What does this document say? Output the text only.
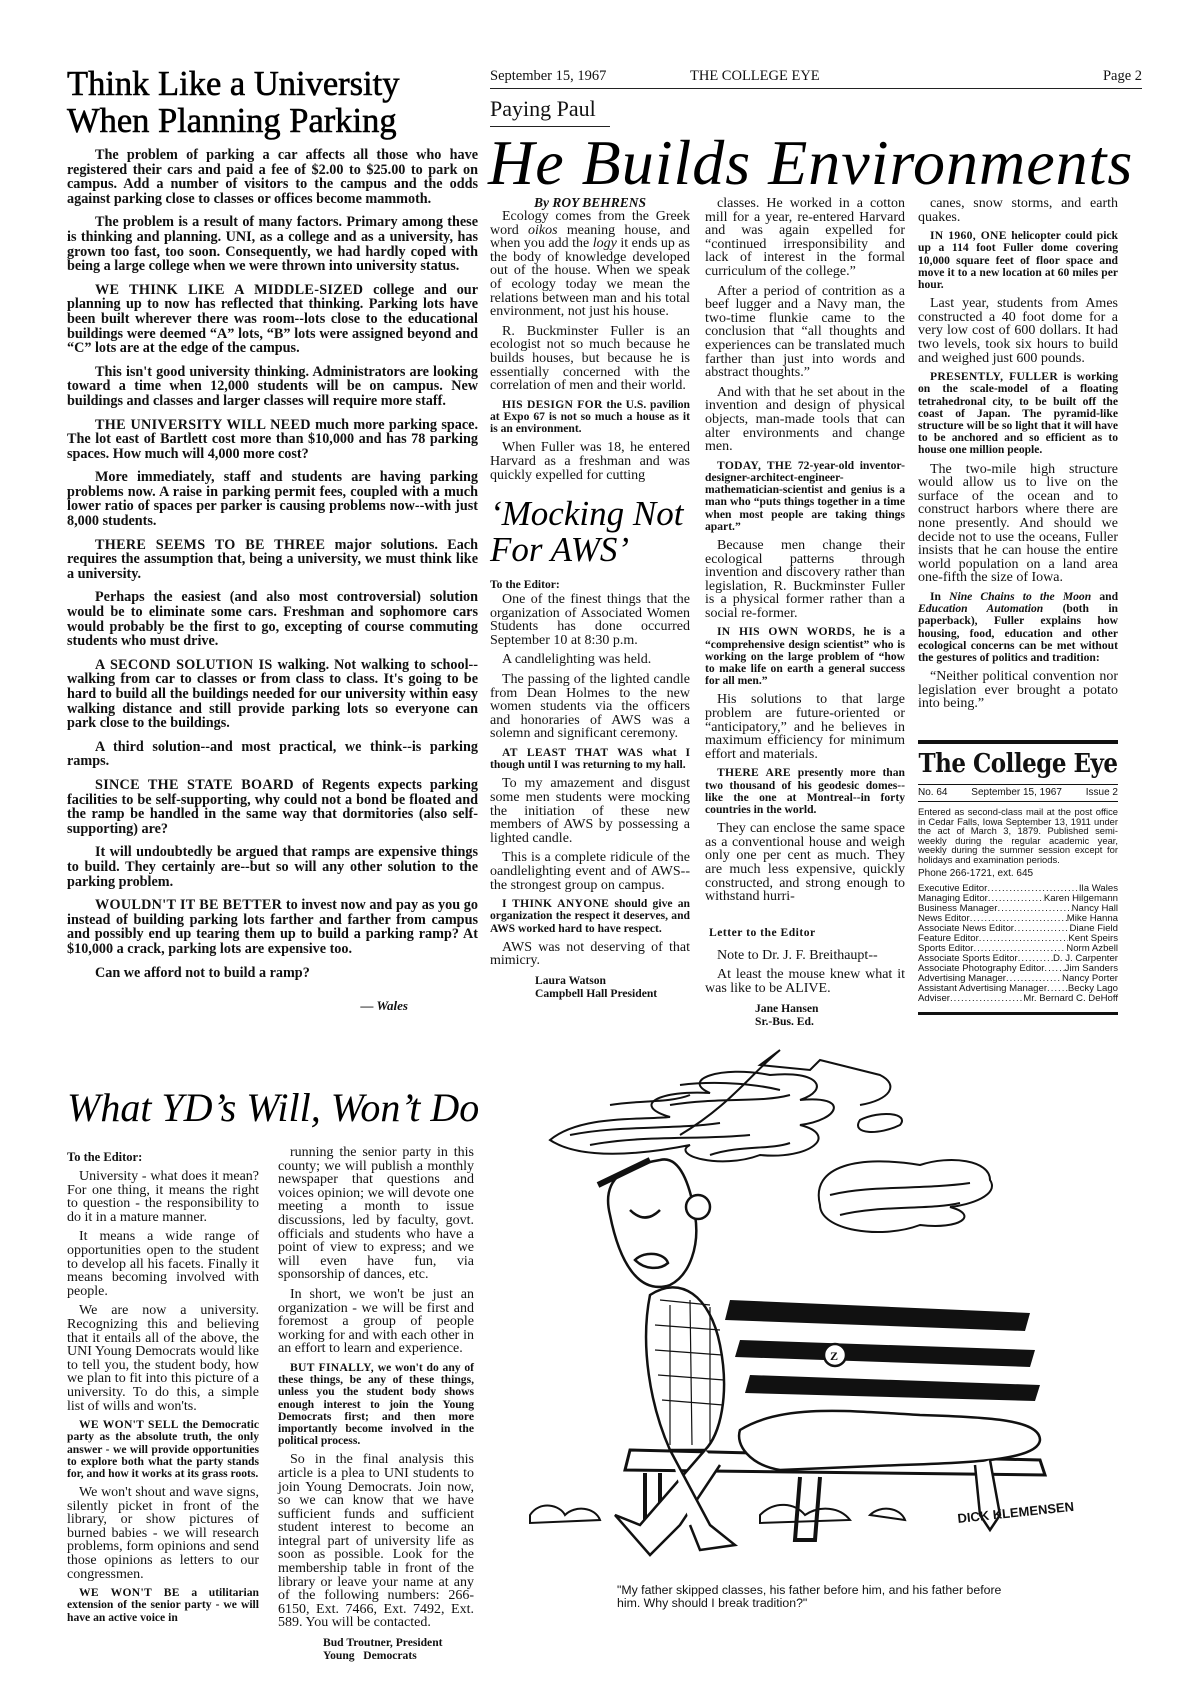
September 15, 1967	THE COLLEGE EYE	Page 2
Think Like a University
When Planning Parking

The problem of parking a car affects all those who have registered their cars and paid a fee of $2.00 to $25.00 to park on campus. Add a number of visitors to the campus and the odds against parking close to classes or offices become mammoth.

The problem is a result of many factors. Primary among these is thinking and planning. UNI, as a college and as a university, has grown too fast, too soon. Consequently, we had hardly coped with being a large college when we were thrown into university status.

WE THINK LIKE A MIDDLE-SIZED college and our planning up to now has reflected that thinking. Parking lots have been built wherever there was room--lots close to the educational buildings were deemed “A” lots, “B” lots were assigned beyond and “C” lots are at the edge of the campus.

This isn't good university thinking. Administrators are looking toward a time when 12,000 students will be on campus. New buildings and classes and larger classes will require more staff.

THE UNIVERSITY WILL NEED much more parking space. The lot east of Bartlett cost more than $10,000 and has 78 parking spaces. How much will 4,000 more cost?

More immediately, staff and students are having parking problems now. A raise in parking permit fees, coupled with a much lower ratio of spaces per parker is causing problems now--with just 8,000 students.

THERE SEEMS TO BE THREE major solutions. Each requires the assumption that, being a university, we must think like a university.

Perhaps the easiest (and also most controversial) solution would be to eliminate some cars. Freshman and sophomore cars would probably be the first to go, excepting of course commuting students who must drive.

A SECOND SOLUTION IS walking. Not walking to school--walking from car to classes or from class to class. It's going to be hard to build all the buildings needed for our university within easy walking distance and still provide parking lots so everyone can park close to the buildings.

A third solution--and most practical, we think--is parking ramps.

SINCE THE STATE BOARD of Regents expects parking facilities to be self-supporting, why could not a bond be floated and the ramp be handled in the same way that dormitories (also self-supporting) are?

It will undoubtedly be argued that ramps are expensive things to build. They certainly are--but so will any other solution to the parking problem.

WOULDN'T IT BE BETTER to invest now and pay as you go instead of building parking lots farther and farther from campus and possibly end up tearing them up to build a parking ramp? At $10,000 a crack, parking lots are expensive too.

Can we afford not to build a ramp?

— Wales
Paying Paul
He Builds Environments
By ROY BEHRENS

Ecology comes from the Greek word oikos meaning house, and when you add the logy it ends up as the body of knowledge developed out of the house. When we speak of ecology today we mean the relations between man and his total environment, not just his house.

R. Buckminster Fuller is an ecologist not so much because he builds houses, but because he is essentially concerned with the correlation of men and their world.

HIS DESIGN FOR the U.S. pavilion at Expo 67 is not so much a house as it is an environment.

When Fuller was 18, he entered Harvard as a freshman and was quickly expelled for cutting

‘Mocking Not For AWS’
To the Editor:

One of the finest things that the organization of Associated Women Students has done occurred September 10 at 8:30 p.m.

A candlelighting was held.

The passing of the lighted candle from Dean Holmes to the new women students via the officers and honoraries of AWS was a solemn and significant ceremony.

AT LEAST THAT WAS what I though until I was returning to my hall.

To my amazement and disgust some men students were mocking the initiation of these new members of AWS by possessing a lighted candle.

This is a complete ridicule of the oandlelighting event and of AWS--the strongest group on campus.

I THINK ANYONE should give an organization the respect it deserves, and AWS worked hard to have respect.

AWS was not deserving of that mimicry.

Laura Watson
Campbell Hall President

classes. He worked in a cotton mill for a year, re-entered Harvard and was again expelled for “continued irresponsibility and lack of interest in the formal curriculum of the college.”

After a period of contrition as a beef lugger and a Navy man, the two-time flunkie came to the conclusion that “all thoughts and experiences can be translated much farther than just into words and abstract thoughts.”

And with that he set about in the invention and design of physical objects, man-made tools that can alter environments and change men.

TODAY, THE 72-year-old inventor-designer-architect-engineer-mathematician-scientist and genius is a man who “puts things together in a time when most people are taking things apart.”

Because men change their ecological patterns through invention and discovery rather than legislation, R. Buckminster Fuller is a physical former rather than a social re-former.

IN HIS OWN WORDS, he is a “comprehensive design scientist” who is working on the large problem of “how to make life on earth a general success for all men.”

His solutions to that large problem are future-oriented or “anticipatory,” and he believes in maximum efficiency for minimum effort and materials.

THERE ARE presently more than two thousand of his geodesic domes--like the one at Montreal--in forty countries in the world.

They can enclose the same space as a conventional house and weigh only one per cent as much. They are much less expensive, quickly constructed, and strong enough to withstand hurri-

Letter to the Editor

Note to Dr. J. F. Breithaupt--

At least the mouse knew what it was like to be ALIVE.

Jane Hansen
Sr.-Bus. Ed.

canes, snow storms, and earth quakes.

IN 1960, ONE helicopter could pick up a 114 foot Fuller dome covering 10,000 square feet of floor space and move it to a new location at 60 miles per hour.

Last year, students from Ames constructed a 40 foot dome for a very low cost of 600 dollars. It had two levels, took six hours to build and weighed just 600 pounds.

PRESENTLY, FULLER is working on the scale-model of a floating tetrahedronal city, to be built off the coast of Japan. The pyramid-like structure will be so light that it will have to be anchored and so efficient as to house one million people.

The two-mile high structure would allow us to live on the surface of the ocean and to construct harbors where there are none presently. And should we decide not to use the oceans, Fuller insists that he can house the entire world population on a land area one-fifth the size of Iowa.

In Nine Chains to the Moon and Education Automation (both in paperback), Fuller explains how housing, food, education and other ecological concerns can be met without the gestures of politics and tradition:

“Neither political convention nor legislation ever brought a potato into being.”

The College Eye
No. 64 September 15, 1967 Issue 2
Entered as second-class mail at the post office in Cedar Falls, Iowa September 13, 1911 under the act of March 3, 1879. Published semi-weekly during the regular academic year, weekly during the summer session except for holidays and examination periods.
Phone 266-1721, ext. 645
Executive Editor .....	Ila Wales
Managing Editor .....	Karen Hilgemann
Business Manager .....	Nancy Hall
News Editor .....	Mike Hanna
Associate News Editor .....	Diane Field
Feature Editor .....	Kent Speirs
Sports Editor .....	Norm Azbell
Associate Sports Editor .....	D. J. Carpenter
Associate Photography Editor ..... Jim Sanders
Advertising Manager .....	Nancy Porter
Assistant Advertising Manager ..... Becky Lago
Adviser .....	Mr. Bernard C. DeHoff
What YD’s Will, Won’t Do
To the Editor:

University - what does it mean? For one thing, it means the right to question - the responsibility to do it in a mature manner.

It means a wide range of opportunities open to the student to develop all his facets. Finally it means becoming involved with people.

We are now a university. Recognizing this and believing that it entails all of the above, the UNI Young Democrats would like to tell you, the student body, how we plan to fit into this picture of a university. To do this, a simple list of wills and won'ts.

WE WON'T SELL the Democratic party as the absolute truth, the only answer - we will provide opportunities to explore both what the party stands for, and how it works at its grass roots.

We won't shout and wave signs, silently picket in front of the library, or show pictures of burned babies - we will research problems, form opinions and send those opinions as letters to our congressmen.

WE WON'T BE a utilitarian extension of the senior party - we will have an active voice in

running the senior party in this county; we will publish a monthly newspaper that questions and voices opinion; we will devote one meeting a month to issue discussions, led by faculty, govt. officials and students who have a point of view to express; and we will even have fun, via sponsorship of dances, etc.

In short, we won't be just an organization - we will be first and foremost a group of people working for and with each other in an effort to learn and experience.

BUT FINALLY, we won't do any of these things, be any of these things, unless you the student body shows enough interest to join the Young Democrats first; and then more importantly become involved in the political process.

So in the final analysis this article is a plea to UNI students to join Young Democrats. Join now, so we can know that we have sufficient funds and sufficient student interest to become an integral part of university life as soon as possible. Look for the membership table in front of the library or leave your name at any of the following numbers: 266-6150, Ext. 7466, Ext. 7492, Ext. 589. You will be contacted.

Bud Troutner, President
Young   Democrats
Z
DICK KLEMENSEN
"My father skipped classes, his father before him, and his father before him. Why should I break tradition?"
